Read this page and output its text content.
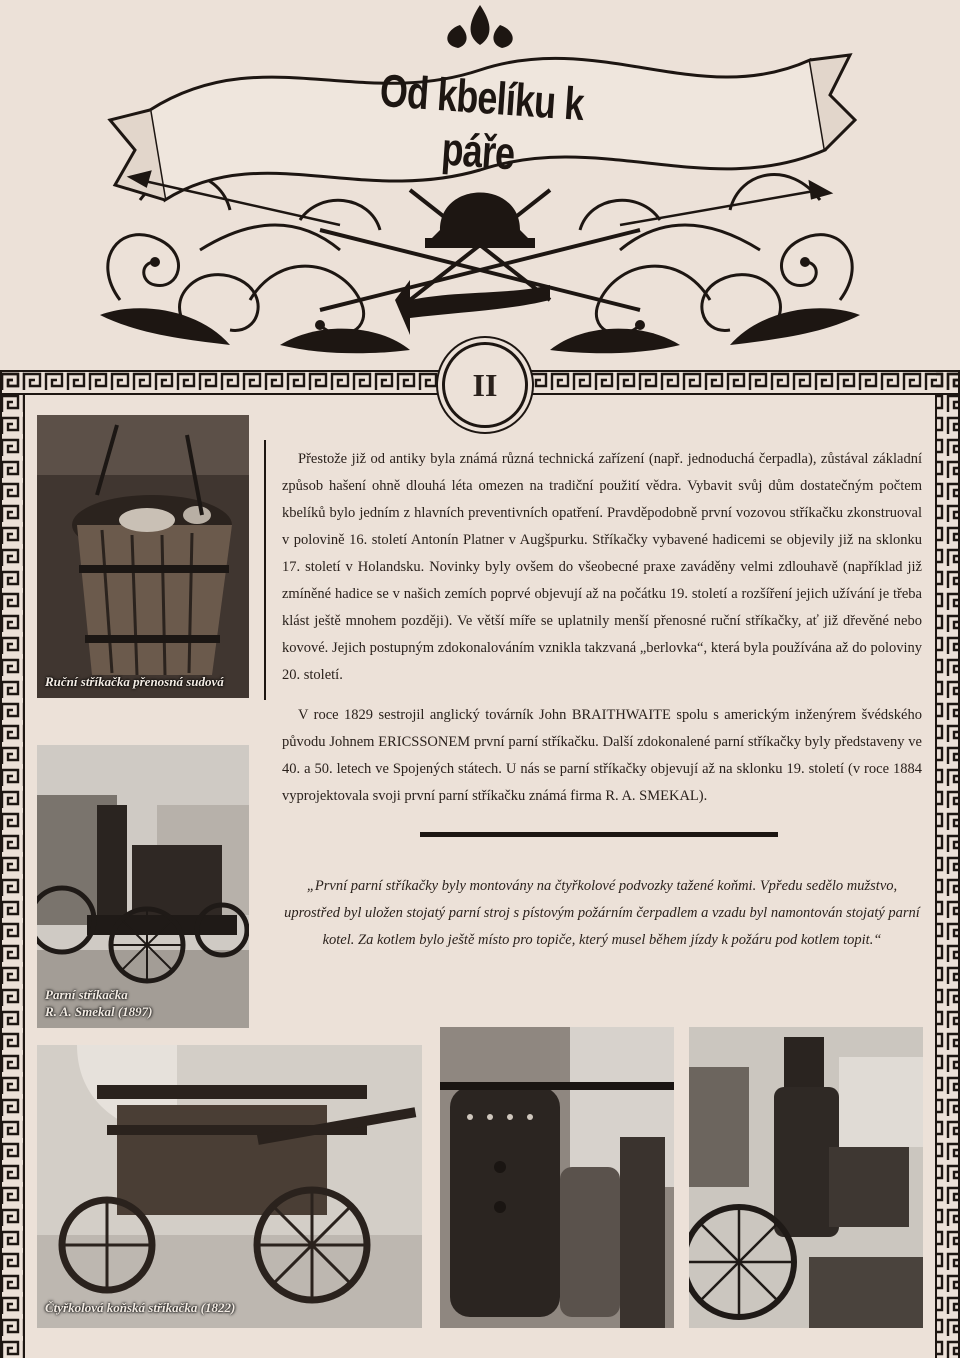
Od kbelíku k páře
II
Ruční stříkačka přenosná sudová
Parní stříkačka
R. A. Smekal (1897)
Čtyřkolová koňská stříkačka (1822)
Přestože již od antiky byla známá různá technická zařízení (např. jednoduchá čerpadla), zůstával základní způsob hašení ohně dlouhá léta omezen na tradiční použití vědra. Vybavit svůj dům dostatečným počtem kbelíků bylo jedním z hlavních preventivních opatření. Pravděpodobně první vozovou stříkačku zkonstruoval v polovině 16. století Antonín Platner v Augšpurku. Stříkačky vybavené hadicemi se objevily již na sklonku 17. století v Holandsku. Novinky byly ovšem do všeobecné praxe zaváděny velmi zdlouhavě (například již zmíněné hadice se v našich zemích poprvé objevují až na počátku 19. století a rozšíření jejich užívání je třeba klást ještě mnohem později). Ve větší míře se uplatnily menší přenosné ruční stříkačky, ať již dřevěné nebo kovové. Jejich postupným zdokonalováním vznikla takzvaná „berlovka“, která byla používána až do poloviny 20. století.
V roce 1829 sestrojil anglický továrník John BRAITHWAITE spolu s americkým inženýrem švédského původu Johnem ERICSSONEM první parní stříkačku. Další zdokonalené parní stříkačky byly představeny ve 40. a 50. letech ve Spojených státech. U nás se parní stříkačky objevují až na sklonku 19. století (v roce 1884 vyprojektovala svoji první parní stříkačku známá firma R. A. SMEKAL).
„První parní stříkačky byly montovány na čtyřkolové podvozky tažené koňmi. Vpředu sedělo mužstvo, uprostřed byl uložen stojatý parní stroj s pístovým požárním čerpadlem a vzadu byl namontován stojatý parní kotel. Za kotlem bylo ještě místo pro topiče, který musel během jízdy k požáru pod kotlem topit.“
